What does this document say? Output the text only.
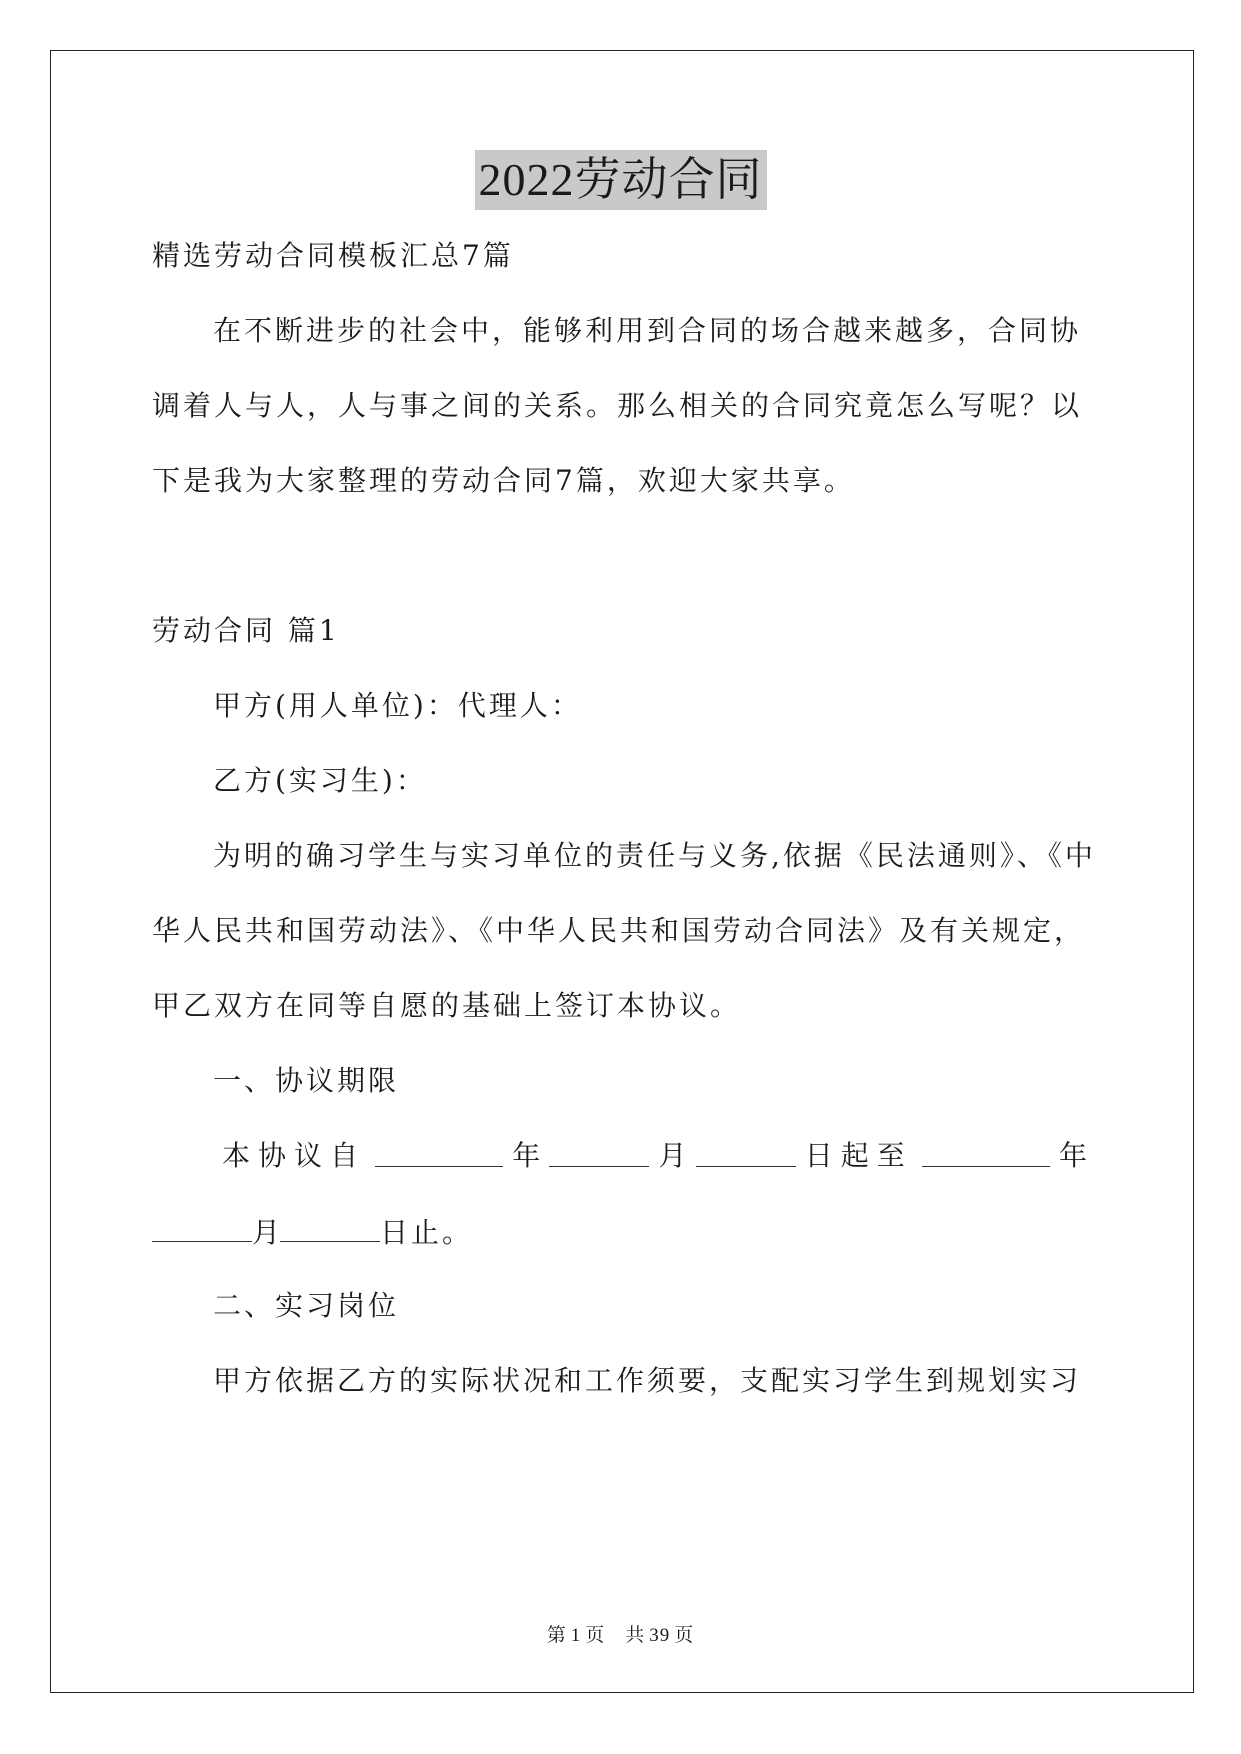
2022劳动合同
精选劳动合同模板汇总7篇
在不断进步的社会中，能够利用到合同的场合越来越多，合同协
调着人与人，人与事之间的关系。那么相关的合同究竟怎么写呢？以
下是我为大家整理的劳动合同7篇，欢迎大家共享。
劳动合同 篇1
甲方(用人单位)：代理人：
乙方(实习生)：
为明的确习学生与实习单位的责任与义务,依据《民法通则》、《中
华人民共和国劳动法》、《中华人民共和国劳动合同法》及有关规定，
甲乙双方在同等自愿的基础上签订本协议。
一、协议期限
本协议自	年	月	日起至	年
月	日止。
二、实习岗位
甲方依据乙方的实际状况和工作须要，支配实习学生到规划实习
第 1 页　共 39 页
